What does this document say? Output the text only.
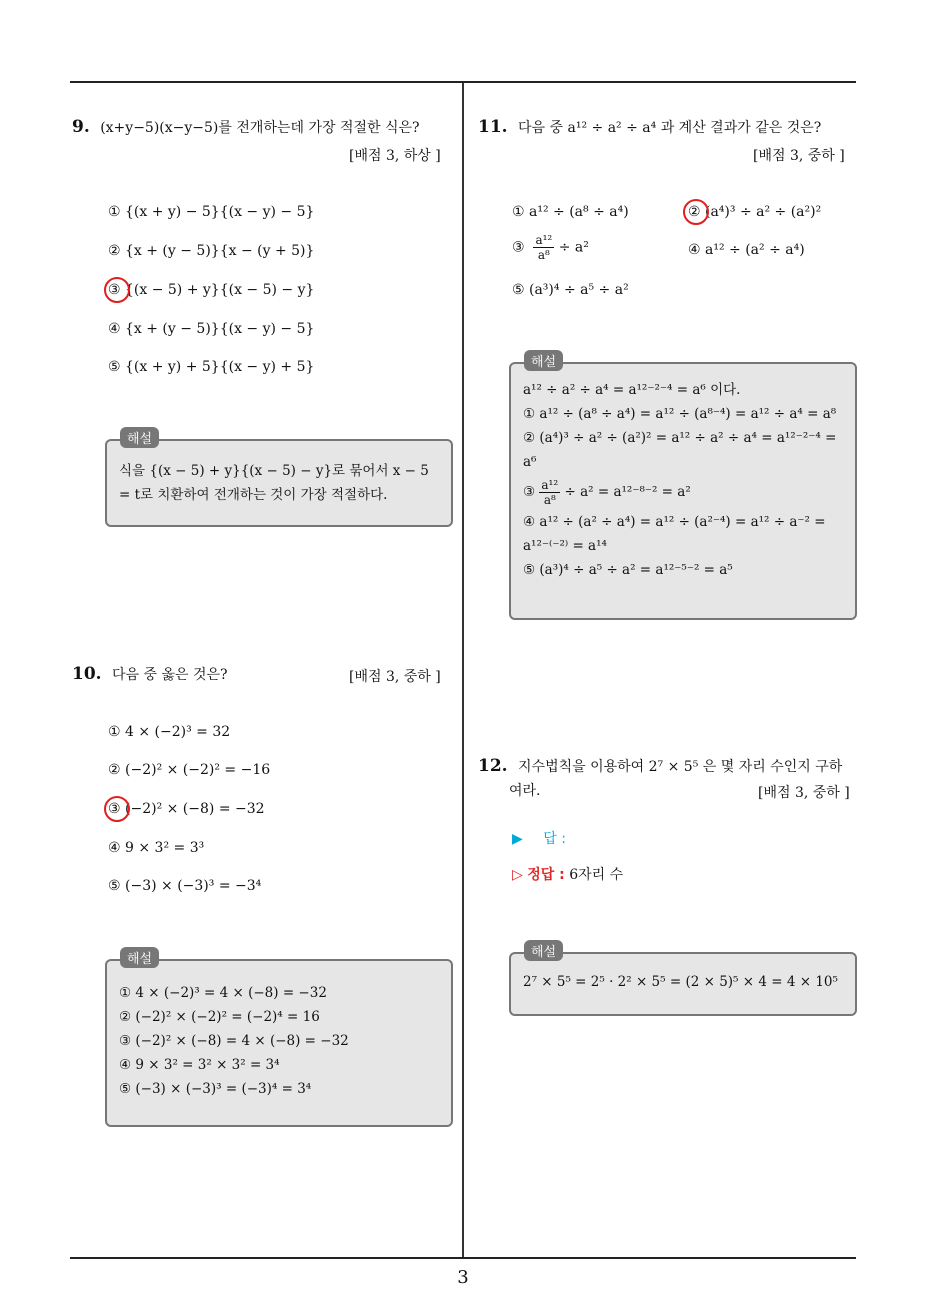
3
9. (x+y−5)(x−y−5)를 전개하는데 가장 적절한 식은?
[배점 3, 하상 ]
① {(x + y) − 5}{(x − y) − 5}
② {x + (y − 5)}{x − (y + 5)}
③ {(x − 5) + y}{(x − 5) − y}
④ {x + (y − 5)}{(x − y) − 5}
⑤ {(x + y) + 5}{(x − y) + 5}
식을 {(x − 5) + y}{(x − 5) − y}로 묶어서 x − 5
= t로 치환하여 전개하는 것이 가장 적절하다.
해설
10. 다음 중 옳은 것은?	[배점 3, 중하 ]
① 4 × (−2)³ = 32
② (−2)² × (−2)² = −16
③ (−2)² × (−8) = −32
④ 9 × 3² = 3³
⑤ (−3) × (−3)³ = −3⁴
① 4 × (−2)³ = 4 × (−8) = −32
② (−2)² × (−2)² = (−2)⁴ = 16
③ (−2)² × (−8) = 4 × (−8) = −32
④ 9 × 3² = 3² × 3² = 3⁴
⑤ (−3) × (−3)³ = (−3)⁴ = 3⁴
해설
11. 다음 중 a¹² ÷ a² ÷ a⁴ 과 계산 결과가 같은 것은?
[배점 3, 중하 ]
① a¹² ÷ (a⁸ ÷ a⁴)	② (a⁴)³ ÷ a² ÷ (a²)²
③ $\frac{\text{a¹²}}{\text{a⁸}} \div a^2$	④ a¹² ÷ (a² ÷ a⁴)
⑤ (a³)⁴ ÷ a⁵ ÷ a²
a¹² ÷ a² ÷ a⁴ = a¹²⁻²⁻⁴ = a⁶ 이다.
① a¹² ÷ (a⁸ ÷ a⁴) = a¹² ÷ (a⁸⁻⁴) = a¹² ÷ a⁴ = a⁸
② (a⁴)³ ÷ a² ÷ (a²)² = a¹² ÷ a² ÷ a⁴ = a¹²⁻²⁻⁴ =
a⁶
③ $\frac{\text{a¹²}}{\text{a⁸}} \div a^2 = a^{12-8-2} = a^2$
④ a¹² ÷ (a² ÷ a⁴) = a¹² ÷ (a²⁻⁴) = a¹² ÷ a⁻² =
a¹²⁻⁽⁻²⁾ = a¹⁴
⑤ (a³)⁴ ÷ a⁵ ÷ a² = a¹²⁻⁵⁻² = a⁵
해설
12. 지수법칙을 이용하여 2⁷ × 5⁵ 은 몇 자리 수인지 구하
여라.	[배점 3, 중하 ]
▶ 답 :
▷ 정답 : 6자리 수
2⁷ × 5⁵ = 2⁵ · 2² × 5⁵ = (2 × 5)⁵ × 4 = 4 × 10⁵
해설
